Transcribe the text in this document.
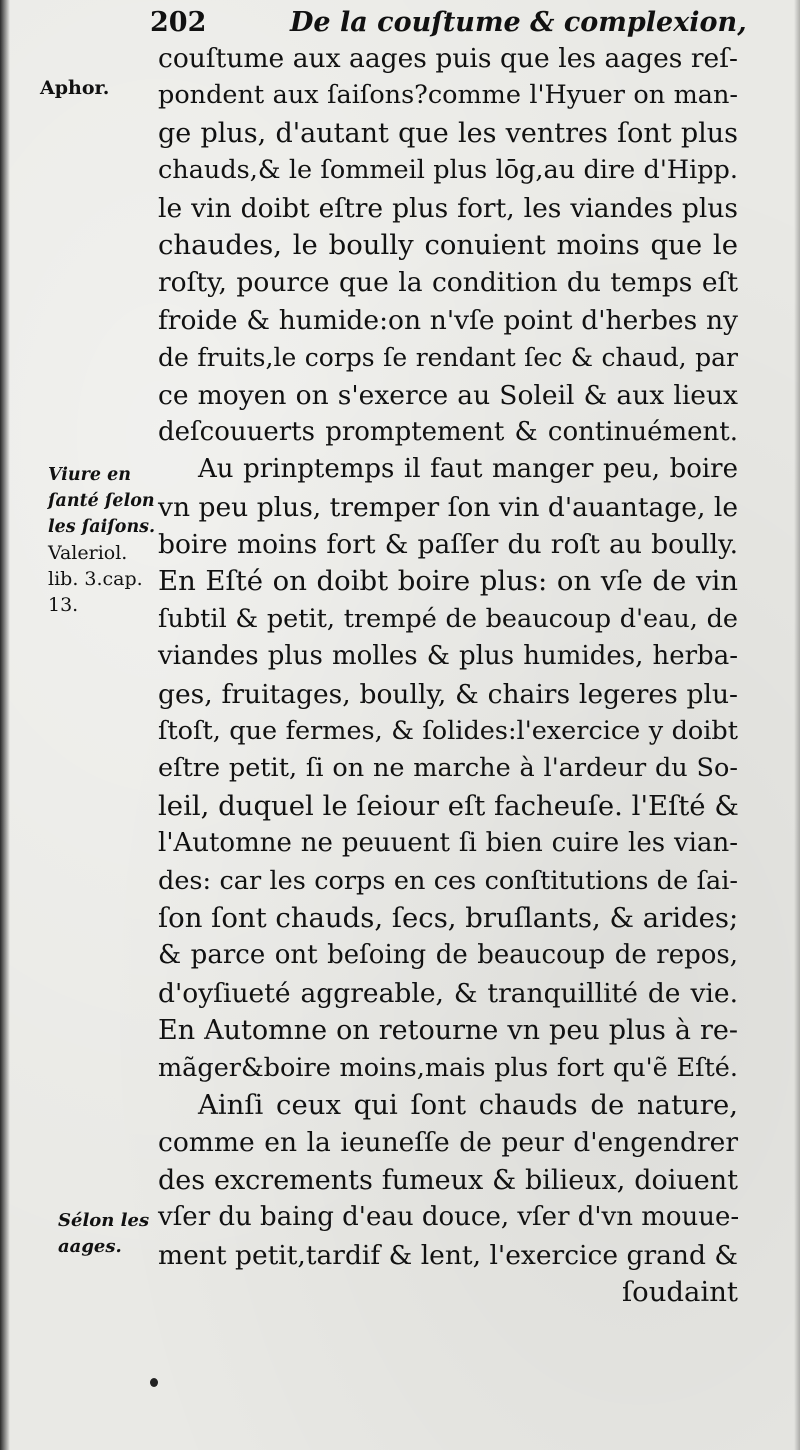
202	De la couſtume & complexion,
Aphor.
Viure en
ſanté ſelon
les ſaiſons.
Valeriol.
lib. 3.cap.
13.
Sélon les
aages.
couſtume aux aages puis que les aages reſ-
pondent aux ſaiſons?comme l'Hyuer on man-
ge plus, d'autant que les ventres ſont plus
chauds,& le ſommeil plus lōg,au dire d'Hipp.
le vin doibt eſtre plus fort, les viandes plus
chaudes, le boully conuient moins que le
roſty, pource que la condition du temps eſt
froide & humide:on n'vſe point d'herbes ny
de fruits,le corps ſe rendant ſec & chaud, par
ce moyen on s'exerce au Soleil & aux lieux
deſcouuerts promptement & continuément.
Au prinptemps il faut manger peu, boire
vn peu plus, tremper ſon vin d'auantage, le
boire moins fort & paſſer du roſt au boully.
En Eſté on doibt boire plus: on vſe de vin
ſubtil & petit, trempé de beaucoup d'eau, de
viandes plus molles & plus humides, herba-
ges, fruitages, boully, & chairs legeres plu-
ſtoſt, que fermes, & ſolides:l'exercice y doibt
eſtre petit, ſi on ne marche à l'ardeur du So-
leil, duquel le ſeiour eſt facheuſe. l'Eſté &
l'Automne ne peuuent ſi bien cuire les vian-
des: car les corps en ces conſtitutions de ſai-
ſon ſont chauds, ſecs, bruſlants, & arides;
& parce ont beſoing de beaucoup de repos,
d'oyſiueté aggreable, & tranquillité de vie.
En Automne on retourne vn peu plus à re-
mãger&boire moins,mais plus fort qu'ẽ Eſté.
Ainſi ceux qui ſont chauds de nature,
comme en la ieuneſſe de peur d'engendrer
des excrements fumeux & bilieux, doiuent
vſer du baing d'eau douce, vſer d'vn mouue-
ment petit,tardif & lent, l'exercice grand &
ſoudaint
